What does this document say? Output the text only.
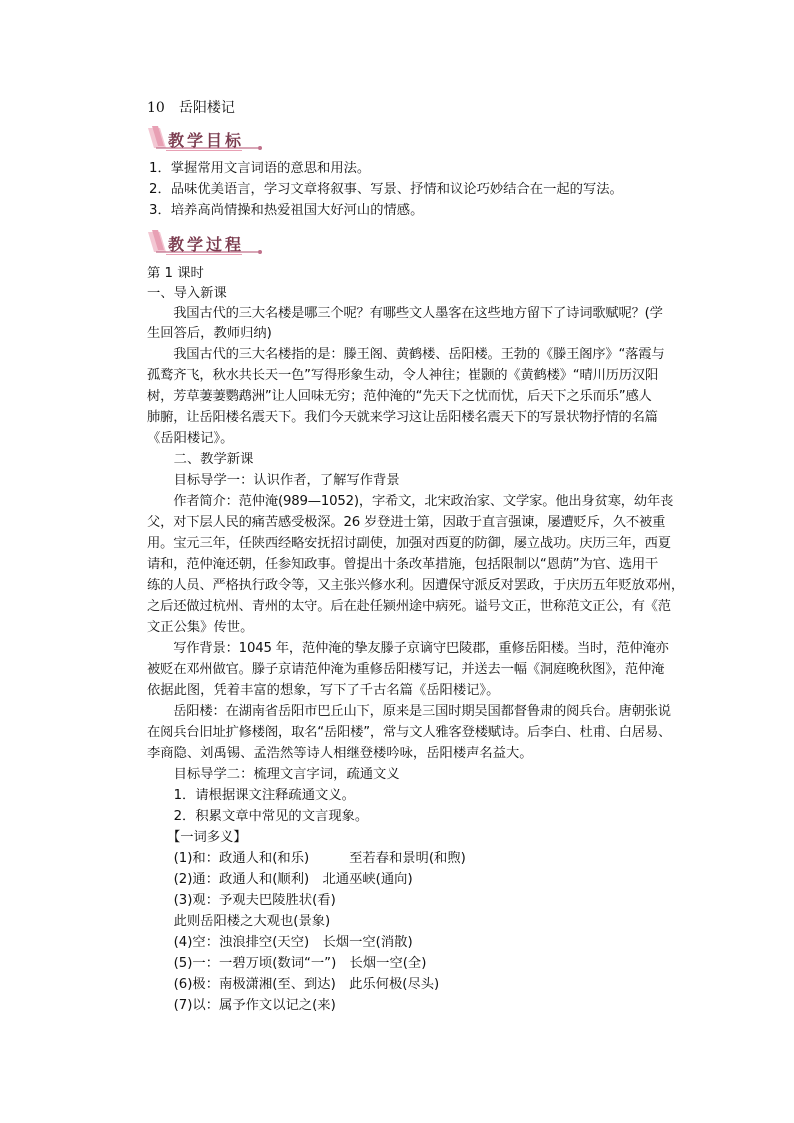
10 岳阳楼记
教学目标
1．掌握常用文言词语的意思和用法。
2．品味优美语言，学习文章将叙事、写景、抒情和议论巧妙结合在一起的写法。
3．培养高尚情操和热爱祖国大好河山的情感。
教学过程
第 1 课时
一、导入新课
　　我国古代的三大名楼是哪三个呢？有哪些文人墨客在这些地方留下了诗词歌赋呢？(学
生回答后，教师归纳)
　　我国古代的三大名楼指的是：滕王阁、黄鹤楼、岳阳楼。王勃的《滕王阁序》“落霞与
孤鹜齐飞，秋水共长天一色”写得形象生动，令人神往；崔颢的《黄鹤楼》“晴川历历汉阳
树，芳草萋萋鹦鹉洲”让人回味无穷；范仲淹的“先天下之忧而忧，后天下之乐而乐”感人
肺腑，让岳阳楼名震天下。我们今天就来学习这让岳阳楼名震天下的写景状物抒情的名篇
《岳阳楼记》。
　　二、教学新课
　　目标导学一：认识作者，了解写作背景
　　作者简介：范仲淹(989—1052)，字希文，北宋政治家、文学家。他出身贫寒，幼年丧
父，对下层人民的痛苦感受极深。26 岁登进士第，因敢于直言强谏，屡遭贬斥，久不被重
用。宝元三年，任陕西经略安抚招讨副使，加强对西夏的防御，屡立战功。庆历三年，西夏
请和，范仲淹还朝，任参知政事。曾提出十条改革措施，包括限制以“恩荫”为官、选用干
练的人员、严格执行政令等，又主张兴修水利。因遭保守派反对罢政，于庆历五年贬放邓州，
之后还做过杭州、青州的太守。后在赴任颍州途中病死。谥号文正，世称范文正公，有《范
文正公集》传世。
　　写作背景：1045 年，范仲淹的挚友滕子京谪守巴陵郡，重修岳阳楼。当时，范仲淹亦
被贬在邓州做官。滕子京请范仲淹为重修岳阳楼写记，并送去一幅《洞庭晚秋图》，范仲淹
依据此图，凭着丰富的想象，写下了千古名篇《岳阳楼记》。
　　岳阳楼：在湖南省岳阳市巴丘山下，原来是三国时期吴国都督鲁肃的阅兵台。唐朝张说
在阅兵台旧址扩修楼阁，取名“岳阳楼”，常与文人雅客登楼赋诗。后李白、杜甫、白居易、
李商隐、刘禹锡、孟浩然等诗人相继登楼吟咏，岳阳楼声名益大。
　　目标导学二：梳理文言字词，疏通文义
　　1．请根据课文注释疏通文义。
　　2．积累文章中常见的文言现象。
　　【一词多义】
　　(1)和：政通人和(和乐)　　　至若春和景明(和煦)
　　(2)通：政通人和(顺利)　北通巫峡(通向)
　　(3)观：予观夫巴陵胜状(看)
　　此则岳阳楼之大观也(景象)
　　(4)空：浊浪排空(天空)　长烟一空(消散)
　　(5)一：一碧万顷(数词“一”)　长烟一空(全)
　　(6)极：南极潇湘(至、到达)　此乐何极(尽头)
　　(7)以：属予作文以记之(来)
